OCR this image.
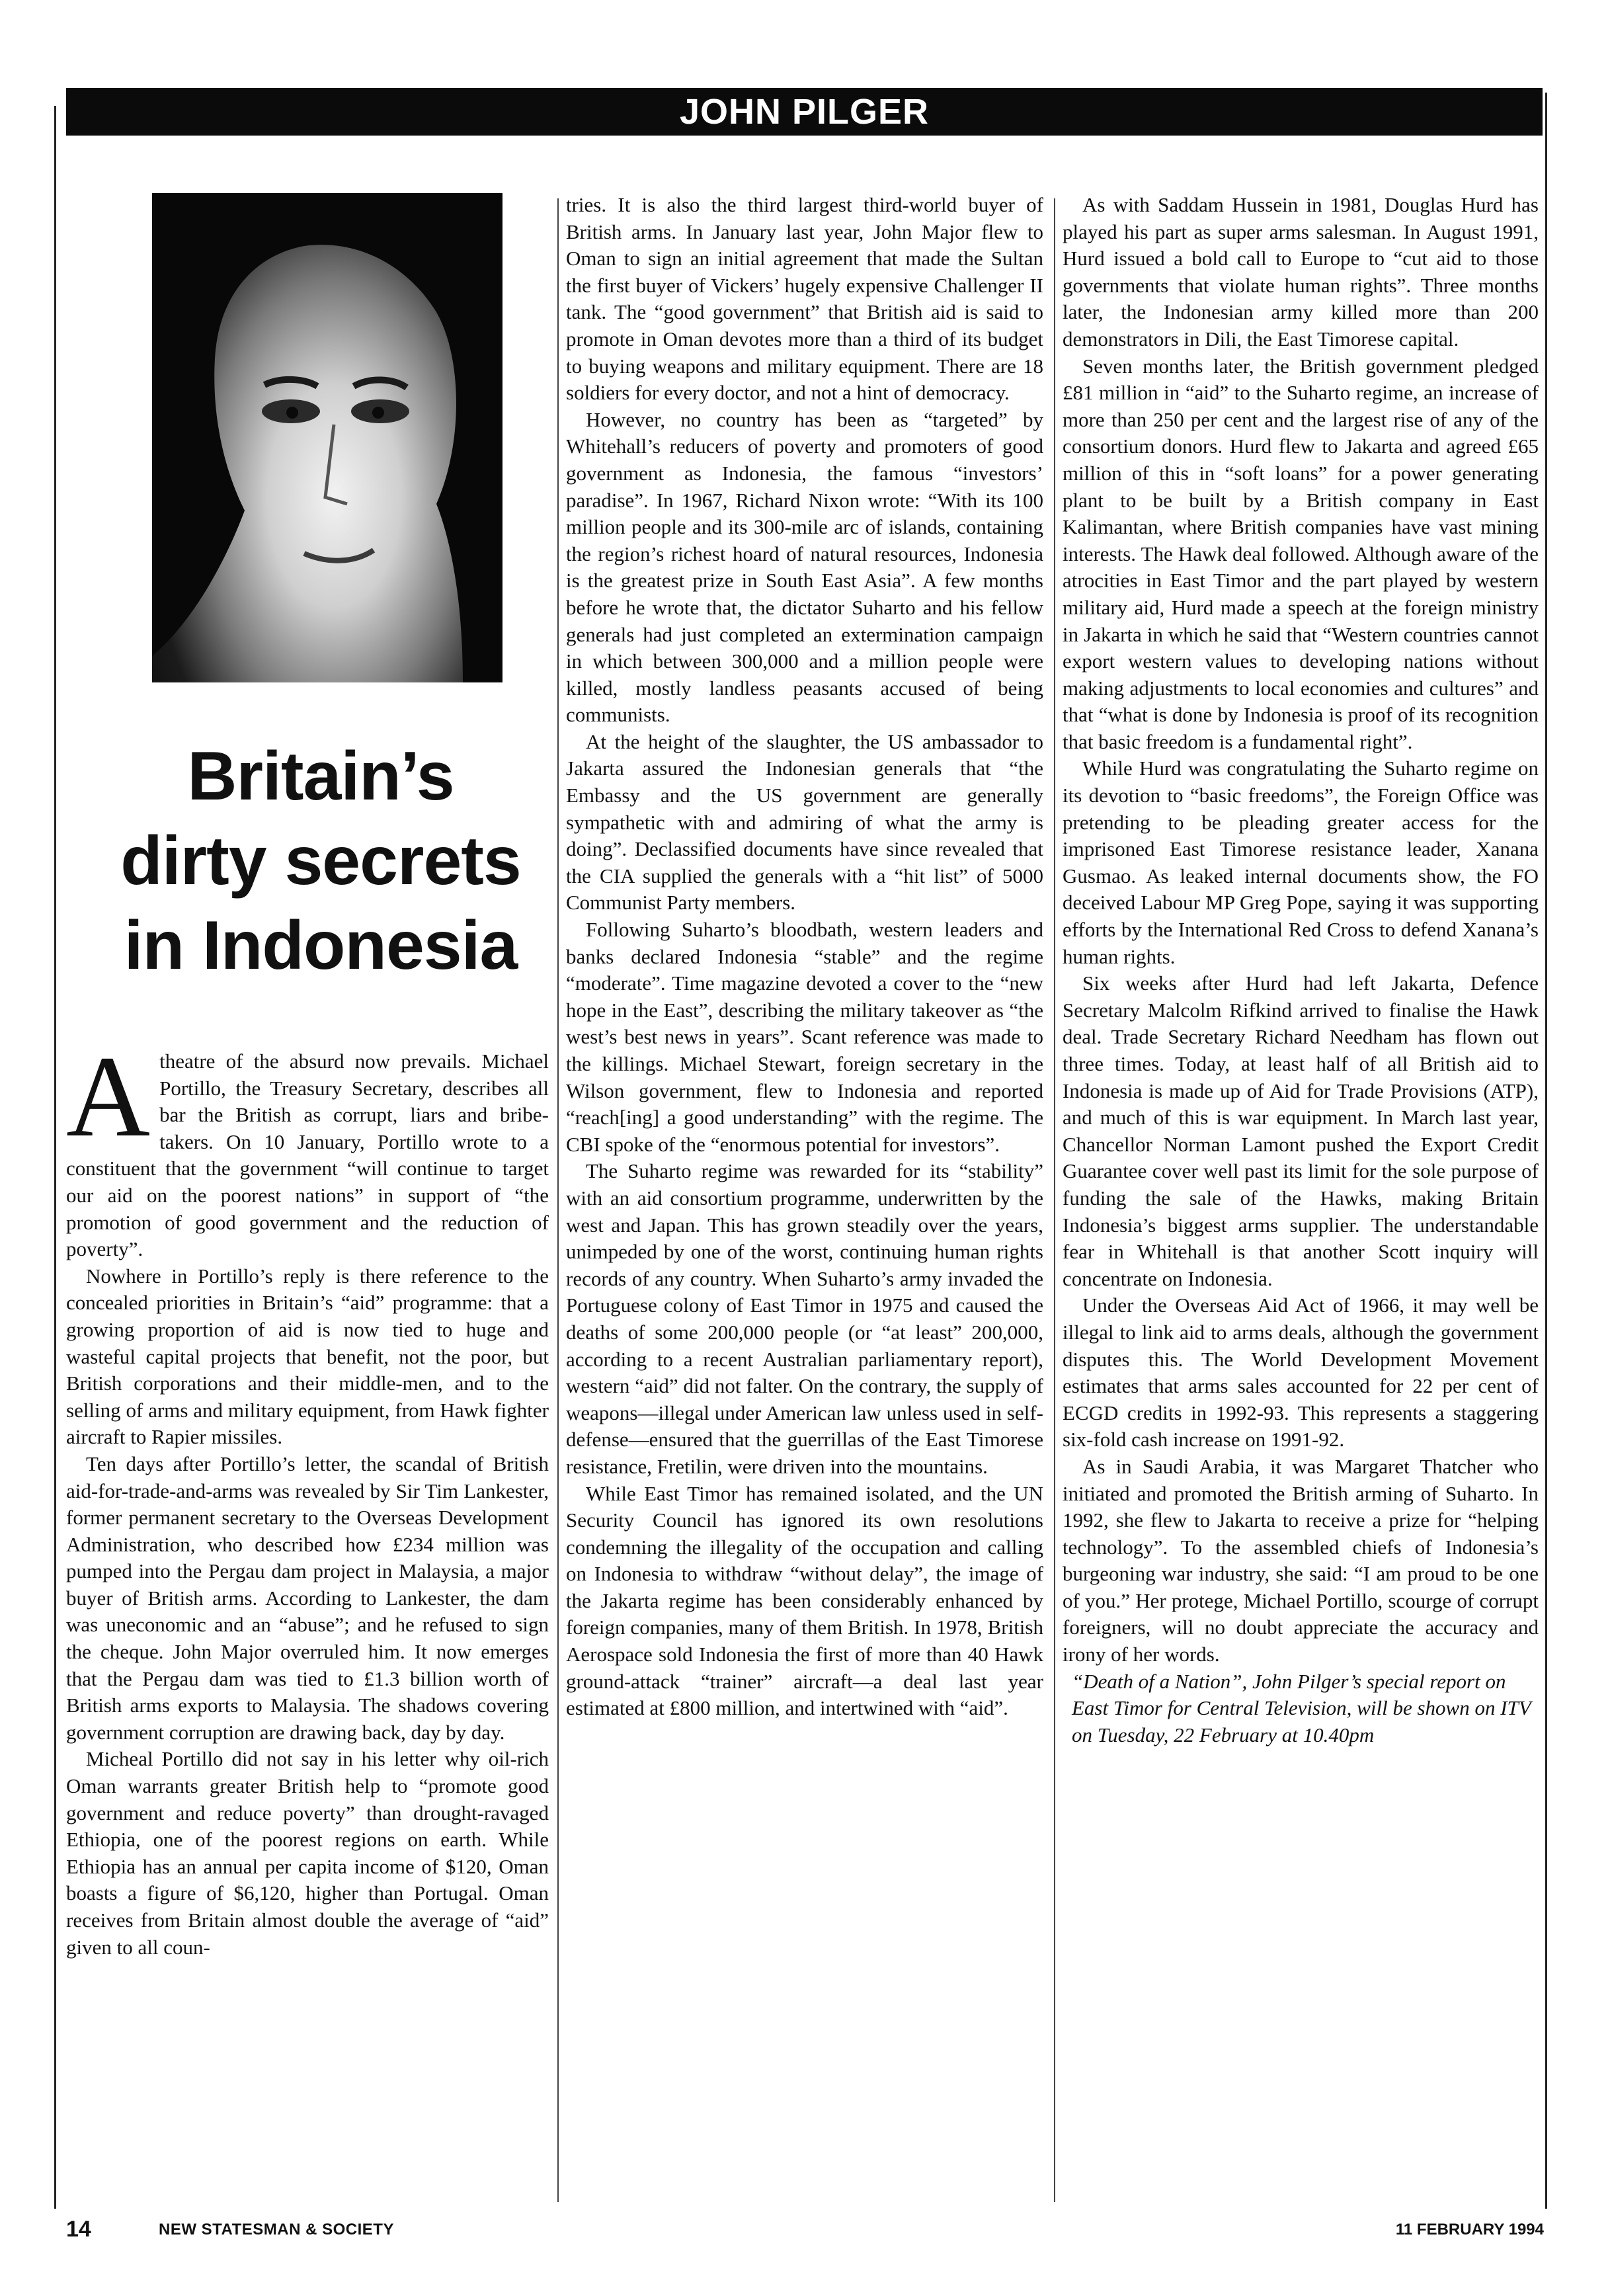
JOHN PILGER
Britain’s
dirty secrets
in Indonesia

Atheatre of the absurd now prevails. Michael Portillo, the Treasury Secretary, describes all bar the British as corrupt, liars and bribe-takers. On 10 January, Portillo wrote to a constituent that the government “will continue to target our aid on the poorest nations” in support of “the promotion of good government and the reduction of poverty”.

Nowhere in Portillo’s reply is there reference to the concealed priorities in Britain’s “aid” programme: that a growing proportion of aid is now tied to huge and wasteful capital projects that benefit, not the poor, but British corporations and their middle-men, and to the selling of arms and military equipment, from Hawk fighter aircraft to Rapier missiles.

Ten days after Portillo’s letter, the scandal of British aid-for-trade-and-arms was revealed by Sir Tim Lankester, former permanent secretary to the Overseas Development Administration, who described how £234 million was pumped into the Pergau dam project in Malaysia, a major buyer of British arms. According to Lankester, the dam was uneconomic and an “abuse”; and he refused to sign the cheque. John Major overruled him. It now emerges that the Pergau dam was tied to £1.3 billion worth of British arms exports to Malaysia. The shadows covering government corruption are drawing back, day by day.

Micheal Portillo did not say in his letter why oil-rich Oman warrants greater British help to “promote good government and reduce poverty” than drought-ravaged Ethiopia, one of the poorest regions on earth. While Ethiopia has an annual per capita income of $120, Oman boasts a figure of $6,120, higher than Portugal. Oman receives from Britain almost double the average of “aid” given to all coun-

tries. It is also the third largest third-world buyer of British arms. In January last year, John Major flew to Oman to sign an initial agreement that made the Sultan the first buyer of Vickers’ hugely expensive Challenger II tank. The “good government” that British aid is said to promote in Oman devotes more than a third of its budget to buying weapons and military equipment. There are 18 soldiers for every doctor, and not a hint of democracy.

However, no country has been as “targeted” by Whitehall’s reducers of poverty and promoters of good government as Indonesia, the famous “investors’ paradise”. In 1967, Richard Nixon wrote: “With its 100 million people and its 300-mile arc of islands, containing the region’s richest hoard of natural resources, Indonesia is the greatest prize in South East Asia”. A few months before he wrote that, the dictator Suharto and his fellow generals had just completed an extermination campaign in which between 300,000 and a million people were killed, mostly landless peasants accused of being communists.

At the height of the slaughter, the US ambassador to Jakarta assured the Indonesian generals that “the Embassy and the US government are generally sympathetic with and admiring of what the army is doing”. Declassified documents have since revealed that the CIA supplied the generals with a “hit list” of 5000 Communist Party members.

Following Suharto’s bloodbath, western leaders and banks declared Indonesia “stable” and the regime “moderate”. Time magazine devoted a cover to the “new hope in the East”, describing the military takeover as “the west’s best news in years”. Scant reference was made to the killings. Michael Stewart, foreign secretary in the Wilson government, flew to Indonesia and reported “reach[ing] a good understanding” with the regime. The CBI spoke of the “enormous potential for investors”.

The Suharto regime was rewarded for its “stability” with an aid consortium programme, underwritten by the west and Japan. This has grown steadily over the years, unimpeded by one of the worst, continuing human rights records of any country. When Suharto’s army invaded the Portuguese colony of East Timor in 1975 and caused the deaths of some 200,000 people (or “at least” 200,000, according to a recent Australian parliamentary report), western “aid” did not falter. On the contrary, the supply of weapons—illegal under American law unless used in self-defense—ensured that the guerrillas of the East Timorese resistance, Fretilin, were driven into the mountains.

While East Timor has remained isolated, and the UN Security Council has ignored its own resolutions condemning the illegality of the occupation and calling on Indonesia to withdraw “without delay”, the image of the Jakarta regime has been considerably enhanced by foreign companies, many of them British. In 1978, British Aerospace sold Indonesia the first of more than 40 Hawk ground-attack “trainer” aircraft—a deal last year estimated at £800 million, and intertwined with “aid”.

As with Saddam Hussein in 1981, Douglas Hurd has played his part as super arms salesman. In August 1991, Hurd issued a bold call to Europe to “cut aid to those governments that violate human rights”. Three months later, the Indonesian army killed more than 200 demonstrators in Dili, the East Timorese capital.

Seven months later, the British government pledged £81 million in “aid” to the Suharto regime, an increase of more than 250 per cent and the largest rise of any of the consortium donors. Hurd flew to Jakarta and agreed £65 million of this in “soft loans” for a power generating plant to be built by a British company in East Kalimantan, where British companies have vast mining interests. The Hawk deal followed. Although aware of the atrocities in East Timor and the part played by western military aid, Hurd made a speech at the foreign ministry in Jakarta in which he said that “Western countries cannot export western values to developing nations without making adjustments to local economies and cultures” and that “what is done by Indonesia is proof of its recognition that basic freedom is a fundamental right”.

While Hurd was congratulating the Suharto regime on its devotion to “basic freedoms”, the Foreign Office was pretending to be pleading greater access for the imprisoned East Timorese resistance leader, Xanana Gusmao. As leaked internal documents show, the FO deceived Labour MP Greg Pope, saying it was supporting efforts by the International Red Cross to defend Xanana’s human rights.

Six weeks after Hurd had left Jakarta, Defence Secretary Malcolm Rifkind arrived to finalise the Hawk deal. Trade Secretary Richard Needham has flown out three times. Today, at least half of all British aid to Indonesia is made up of Aid for Trade Provisions (ATP), and much of this is war equipment. In March last year, Chancellor Norman Lamont pushed the Export Credit Guarantee cover well past its limit for the sole purpose of funding the sale of the Hawks, making Britain Indonesia’s biggest arms supplier. The understandable fear in Whitehall is that another Scott inquiry will concentrate on Indonesia.

Under the Overseas Aid Act of 1966, it may well be illegal to link aid to arms deals, although the government disputes this. The World Development Movement estimates that arms sales accounted for 22 per cent of ECGD credits in 1992-93. This represents a staggering six-fold cash increase on 1991-92.

As in Saudi Arabia, it was Margaret Thatcher who initiated and promoted the British arming of Suharto. In 1992, she flew to Jakarta to receive a prize for “helping technology”. To the assembled chiefs of Indonesia’s burgeoning war industry, she said: “I am proud to be one of you.” Her protege, Michael Portillo, scourge of corrupt foreigners, will no doubt appreciate the accuracy and irony of her words.

“Death of a Nation”, John Pilger’s special report on East Timor for Central Television, will be shown on ITV on Tuesday, 22 February at 10.40pm

14	NEW STATESMAN & SOCIETY	11 FEBRUARY 1994
